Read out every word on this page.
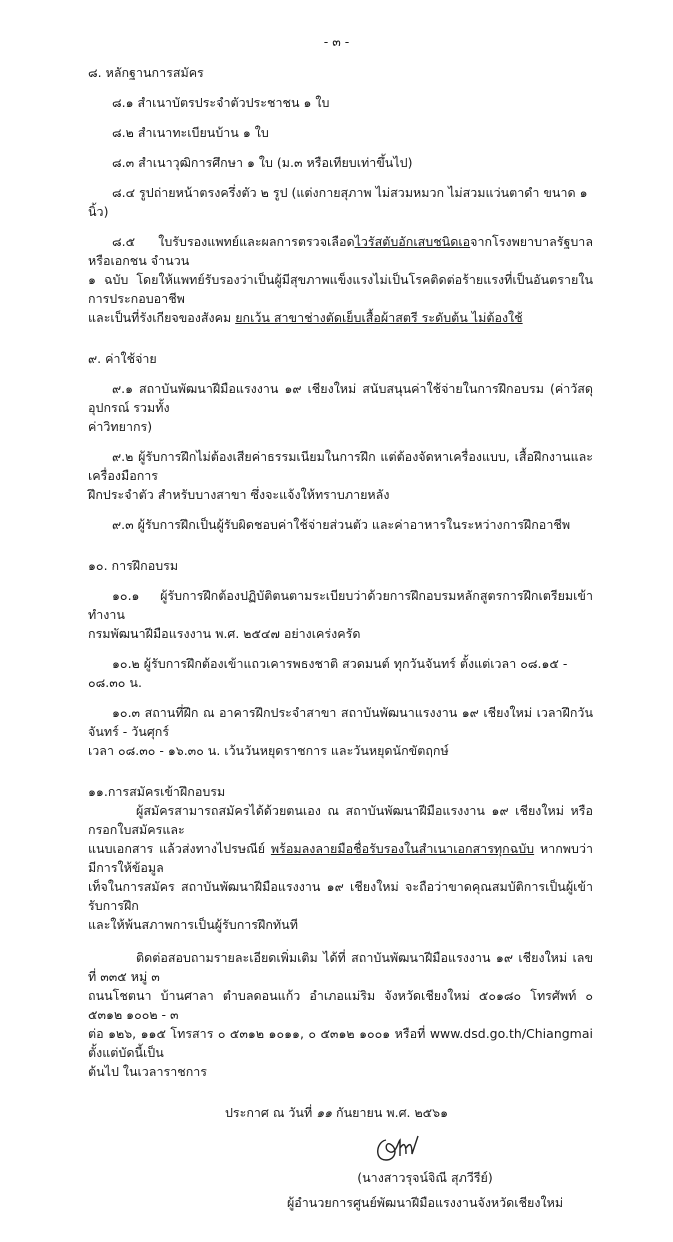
- ๓ -
๘. หลักฐานการสมัคร
๘.๑ สำเนาบัตรประจำตัวประชาชน ๑ ใบ
๘.๒ สำเนาทะเบียนบ้าน ๑ ใบ
๘.๓ สำเนาวุฒิการศึกษา ๑ ใบ (ม.๓ หรือเทียบเท่าขึ้นไป)
๘.๔ รูปถ่ายหน้าตรงครึ่งตัว ๒ รูป (แต่งกายสุภาพ ไม่สวมหมวก ไม่สวมแว่นตาดำ ขนาด ๑ นิ้ว)
๘.๕ ใบรับรองแพทย์และผลการตรวจเลือดไวรัสตับอักเสบชนิดเอจากโรงพยาบาลรัฐบาลหรือเอกชน จำนวน
๑ ฉบับ โดยให้แพทย์รับรองว่าเป็นผู้มีสุขภาพแข็งแรงไม่เป็นโรคติดต่อร้ายแรงที่เป็นอันตรายในการประกอบอาชีพ
และเป็นที่รังเกียจของสังคม ยกเว้น สาขาช่างตัดเย็บเสื้อผ้าสตรี ระดับต้น ไม่ต้องใช้
๙. ค่าใช้จ่าย
๙.๑ สถาบันพัฒนาฝีมือแรงงาน ๑๙ เชียงใหม่ สนับสนุนค่าใช้จ่ายในการฝึกอบรม (ค่าวัสดุ อุปกรณ์ รวมทั้ง
ค่าวิทยากร)
๙.๒ ผู้รับการฝึกไม่ต้องเสียค่าธรรมเนียมในการฝึก แต่ต้องจัดหาเครื่องแบบ, เสื้อฝึกงานและเครื่องมือการ
ฝึกประจำตัว สำหรับบางสาขา ซึ่งจะแจ้งให้ทราบภายหลัง
๙.๓ ผู้รับการฝึกเป็นผู้รับผิดชอบค่าใช้จ่ายส่วนตัว และค่าอาหารในระหว่างการฝึกอาชีพ
๑๐. การฝึกอบรม
๑๐.๑ ผู้รับการฝึกต้องปฏิบัติตนตามระเบียบว่าด้วยการฝึกอบรมหลักสูตรการฝึกเตรียมเข้าทำงาน
กรมพัฒนาฝีมือแรงงาน พ.ศ. ๒๕๔๗ อย่างเคร่งครัด
๑๐.๒ ผู้รับการฝึกต้องเข้าแถวเคารพธงชาติ สวดมนต์ ทุกวันจันทร์ ตั้งแต่เวลา ๐๘.๑๕ - ๐๘.๓๐ น.
๑๐.๓ สถานที่ฝึก ณ อาคารฝึกประจำสาขา สถาบันพัฒนาแรงงาน ๑๙ เชียงใหม่ เวลาฝึกวันจันทร์ - วันศุกร์
เวลา ๐๘.๓๐ - ๑๖.๓๐ น. เว้นวันหยุดราชการ และวันหยุดนักขัตฤกษ์
๑๑.การสมัครเข้าฝึกอบรม
ผู้สมัครสามารถสมัครได้ด้วยตนเอง ณ สถาบันพัฒนาฝีมือแรงงาน ๑๙ เชียงใหม่ หรือกรอกใบสมัครและ
แนบเอกสาร แล้วส่งทางไปรษณีย์ พร้อมลงลายมือชื่อรับรองในสำเนาเอกสารทุกฉบับ หากพบว่ามีการให้ข้อมูล
เท็จในการสมัคร สถาบันพัฒนาฝีมือแรงงาน ๑๙ เชียงใหม่ จะถือว่าขาดคุณสมบัติการเป็นผู้เข้ารับการฝึก
และให้พ้นสภาพการเป็นผู้รับการฝึกทันที
ติดต่อสอบถามรายละเอียดเพิ่มเติม ได้ที่ สถาบันพัฒนาฝีมือแรงงาน ๑๙ เชียงใหม่ เลขที่ ๓๓๕ หมู่ ๓
ถนนโชตนา บ้านศาลา ตำบลดอนแก้ว อำเภอแม่ริม จังหวัดเชียงใหม่ ๕๐๑๘๐ โทรศัพท์ ๐ ๕๓๑๒ ๑๐๐๒ - ๓
ต่อ ๑๒๖, ๑๑๕ โทรสาร ๐ ๕๓๑๒ ๑๐๑๑, ๐ ๕๓๑๒ ๑๐๐๑ หรือที่ www.dsd.go.th/Chiangmai ตั้งแต่บัดนี้เป็น
ต้นไป ในเวลาราชการ
ประกาศ ณ วันที่ ๑๑ กันยายน พ.ศ. ๒๕๖๑
(นางสาวรุจน์จิณี สุภวีรีย์)
ผู้อำนวยการศูนย์พัฒนาฝีมือแรงงานจังหวัดเชียงใหม่
